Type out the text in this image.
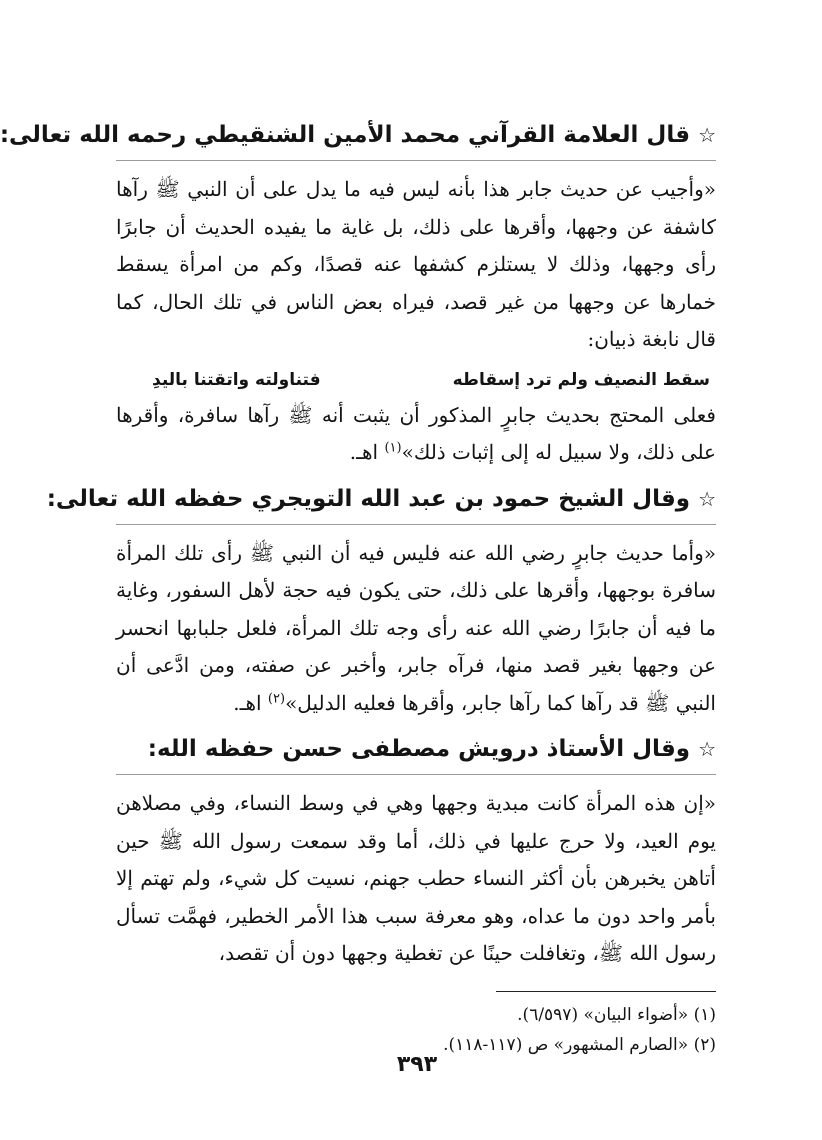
☆قال العلامة القرآني محمد الأمين الشنقيطي رحمه الله تعالى:

«وأجيب عن حديث جابر هذا بأنه ليس فيه ما يدل على أن النبي ﷺ رآها كاشفة عن وجهها، وأقرها على ذلك، بل غاية ما يفيده الحديث أن جابرًا رأى وجهها، وذلك لا يستلزم كشفها عنه قصدًا، وكم من امرأة يسقط خمارها عن وجهها من غير قصد، فيراه بعض الناس في تلك الحال، كما قال نابغة ذبيان:

سقط النصيف ولم ترد إسقاطه
فتناولته واتقتنا باليدِ

فعلى المحتج بحديث جابرٍ المذكور أن يثبت أنه ﷺ رآها سافرة، وأقرها على ذلك، ولا سبيل له إلى إثبات ذلك»$^{(١)}$ اهـ.

☆وقال الشيخ حمود بن عبد الله التويجري حفظه الله تعالى:

«وأما حديث جابرٍ رضي الله عنه فليس فيه أن النبي ﷺ رأى تلك المرأة سافرة بوجهها، وأقرها على ذلك، حتى يكون فيه حجة لأهل السفور، وغاية ما فيه أن جابرًا رضي الله عنه رأى وجه تلك المرأة، فلعل جلبابها انحسر عن وجهها بغير قصد منها، فرآه جابر، وأخبر عن صفته، ومن ادَّعى أن النبي ﷺ قد رآها كما رآها جابر، وأقرها فعليه الدليل»$^{(٢)}$ اهـ.

☆وقال الأستاذ درويش مصطفى حسن حفظه الله:

«إن هذه المرأة كانت مبدية وجهها وهي في وسط النساء، وفي مصلاهن يوم العيد، ولا حرج عليها في ذلك، أما وقد سمعت رسول الله ﷺ حين أتاهن يخبرهن بأن أكثر النساء حطب جهنم، نسيت كل شيء، ولم تهتم إلا بأمر واحد دون ما عداه، وهو معرفة سبب هذا الأمر الخطير، فهمَّت تسأل رسول الله ﷺ، وتغافلت حينًا عن تغطية وجهها دون أن تقصد،

(١) «أضواء البيان» (٦/٥٩٧).

(٢) «الصارم المشهور» ص (١١٧-١١٨).

٣٩٣
